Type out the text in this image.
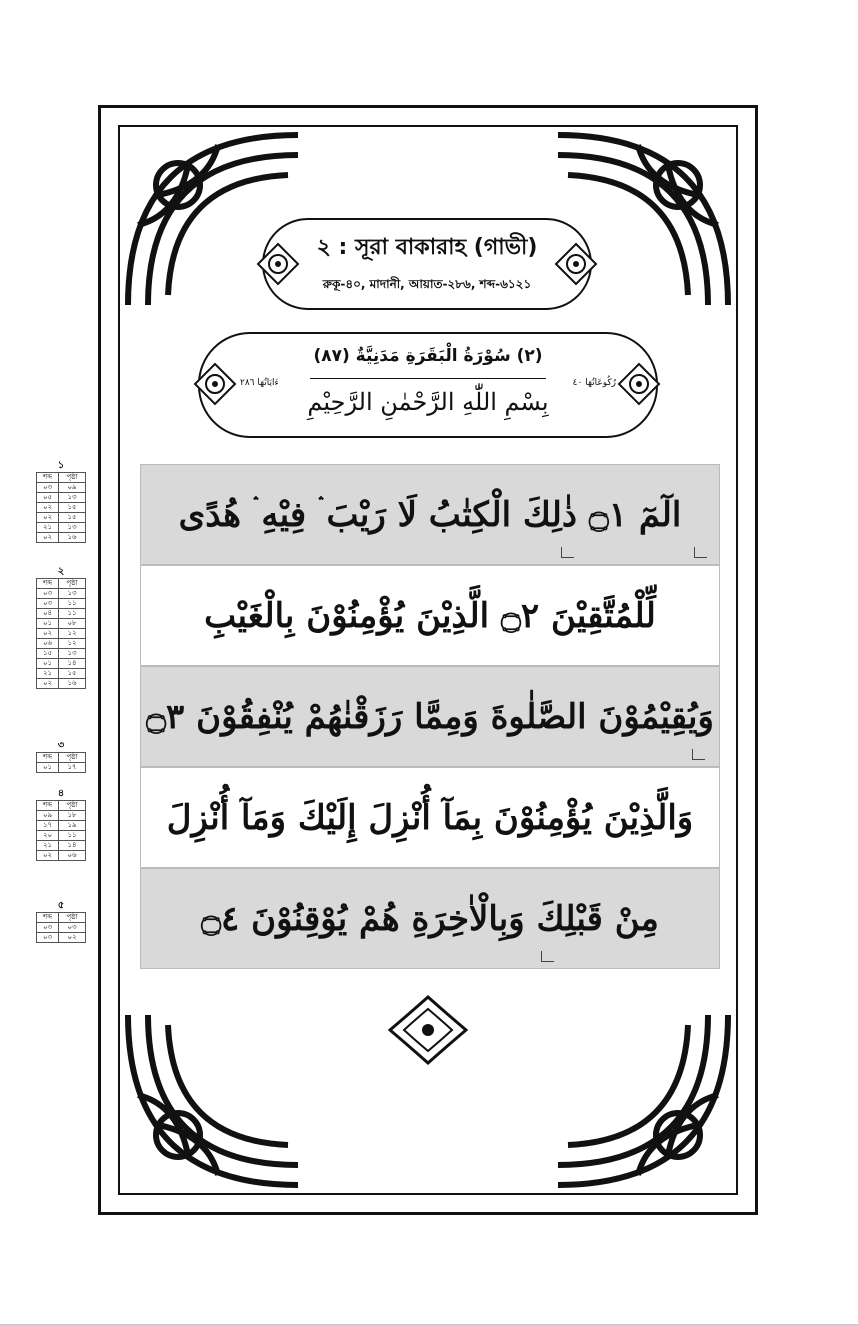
২ : সূরা বাকারাহ (গাভী)
রুকূ-৪০, মাদানী, আয়াত-২৮৬, শব্দ-৬১২১
(٢) سُوْرَةُ الْبَقَرَةِ مَدَنِيَّةٌ (٨٧)
رُكُوعَاتُهَا ٤٠
ءَايَاتُهَا ٢٨٦
بِسْمِ اللّٰهِ الرَّحْمٰنِ الرَّحِيْمِ
الٓمٓ ۝١ ذٰلِكَ الْكِتٰبُ لَا رَيْبَ ۛ فِيْهِ ۛ هُدًى
لِّلْمُتَّقِيْنَ ۝٢ الَّذِيْنَ يُؤْمِنُوْنَ بِالْغَيْبِ
وَيُقِيْمُوْنَ الصَّلٰوةَ وَمِمَّا رَزَقْنٰهُمْ يُنْفِقُوْنَ ۝٣
وَالَّذِيْنَ يُؤْمِنُوْنَ بِمَآ أُنْزِلَ إِلَيْكَ وَمَآ أُنْزِلَ
مِنْ قَبْلِكَ وَبِالْاٰخِرَةِ هُمْ يُوْقِنُوْنَ ۝٤
১
শব্দ	পৃষ্ঠা
০৩	০৯
০৫	১৩
০২	১৫
০২	১৫
২১	১৩
০২	১৬
২
শব্দ	পৃষ্ঠা
০৩	১৩
০৩	১১
০৪	১১
০১	০৮
০২	১২
০৬	১২
১৫	১৩
০১	১৪
২১	১৫
০২	১৬
৩
শব্দ	পৃষ্ঠা
০১	১৭
৪
শব্দ	পৃষ্ঠা
০৯	১৮
১৭	১৯
২০	১১
২১	১৪
০২	০৬
৫
শব্দ	পৃষ্ঠা
০৩	০৩
০৩	০২
